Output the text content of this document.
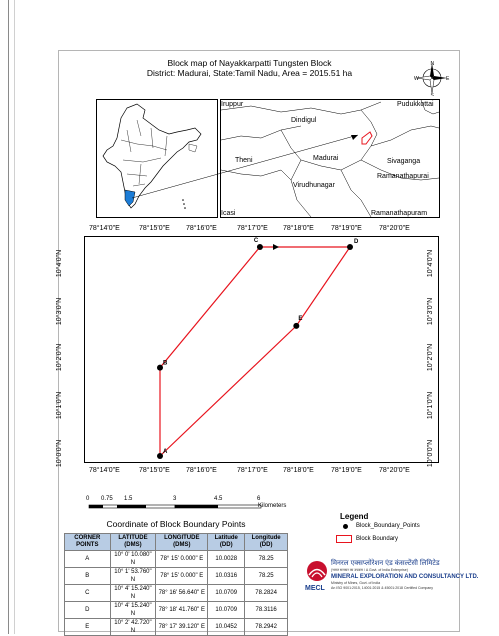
Block map of Nayakkarpatti Tungsten Block
District: Madurai, State:Tamil Nadu, Area = 2015.51 ha
N
S
W	E
Iruppur
Dindigul
Pudukkottai
Theni	Madurai	Sivaganga
Ramanathapurai
Virudhunagar
Ramanathapuram
Icasi
A
B
C	D
E
0 0.75 1.5	3	4.5	6
Kilometers
Coordinate of Block Boundary Points
CORNER POINTS	LATITUDE (DMS)	LONGITUDE (DMS)	Latitude (DD)	Longitude (DD)
A	10° 0' 10.080" N	78° 15' 0.000" E	10.0028	78.25
B	10° 1' 53.760" N	78° 15' 0.000" E	10.0316	78.25
C	10° 4' 15.240" N	78° 16' 56.640" E	10.0709	78.2824
D	10° 4' 15.240" N	78° 18' 41.760" E	10.0709	78.3116
E	10° 2' 42.720" N	78° 17' 39.120" E	10.0452	78.2942
Legend
Block_Boundary_Points
Block Boundary
MECL
मिनरल एक्सप्लोरेशन एंड कंसल्टेंसी लिमिटेड
(भारत सरकार का उपक्रम / A Govt. of India Enterprise)
MINERAL EXPLORATION AND CONSULTANCY LTD.
Ministry of Mines, Govt. of India
An ISO 9001:2015, 14001:2015 & 45001:2018 Certified Company
78°14'0"E	78°15'0"E 78°16'0"E	78°17'0"E 78°18'0"E 78°19'0"E 78°20'0"E
78°14'0"E	78°15'0"E 78°16'0"E	78°17'0"E 78°18'0"E 78°19'0"E 78°20'0"E
10°4'0"N
10°3'0"N
10°2'0"N
10°1'0"N
10°0'0"N
10°4'0"N
10°3'0"N
10°2'0"N
10°1'0"N
10°0'0"N
